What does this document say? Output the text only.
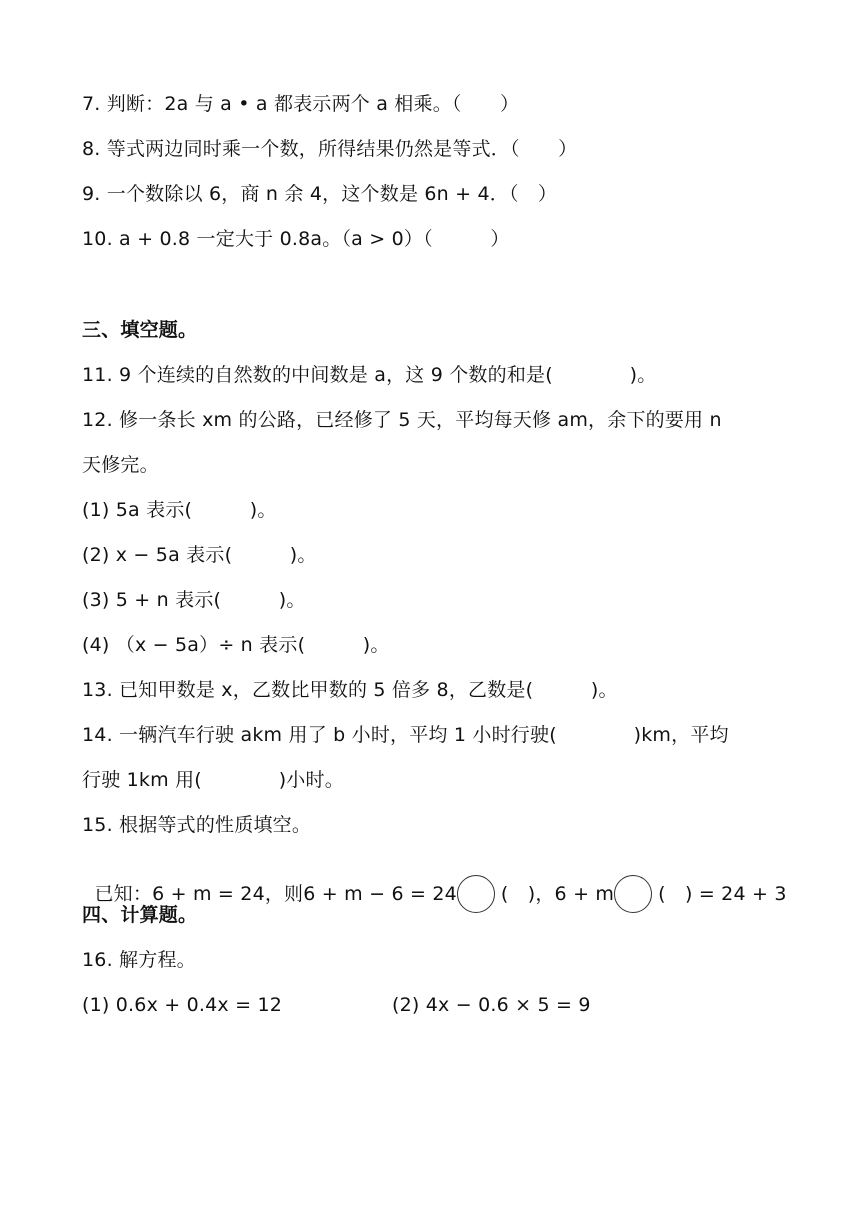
7. 判断：2a 与 a • a 都表示两个 a 相乘。（　　）
8. 等式两边同时乘一个数，所得结果仍然是等式．（　　）
9. 一个数除以 6，商 n 余 4，这个数是 6n + 4．（　）
10. a + 0.8 一定大于 0.8a。（a > 0）（　　　）
三、填空题。
11. 9 个连续的自然数的中间数是 a，这 9 个数的和是(　　　　)。
12. 修一条长 xm 的公路，已经修了 5 天，平均每天修 am，余下的要用 n
天修完。
(1) 5a 表示(　　　)。
(2) x − 5a 表示(　　　)。
(3) 5 + n 表示(　　　)。
(4) （x − 5a）÷ n 表示(　　　)。
13. 已知甲数是 x，乙数比甲数的 5 倍多 8，乙数是(　　　)。
14. 一辆汽车行驶 akm 用了 b 小时，平均 1 小时行驶(　　　　)km，平均
行驶 1km 用(　　　　)小时。
15. 根据等式的性质填空。

已知：6 + m = 24，则6 + m − 6 = 24 (　)，6 + m (　) = 24 + 3

四、计算题。
16. 解方程。
(1) 0.6x + 0.4x = 12	(2) 4x − 0.6 × 5 = 9
